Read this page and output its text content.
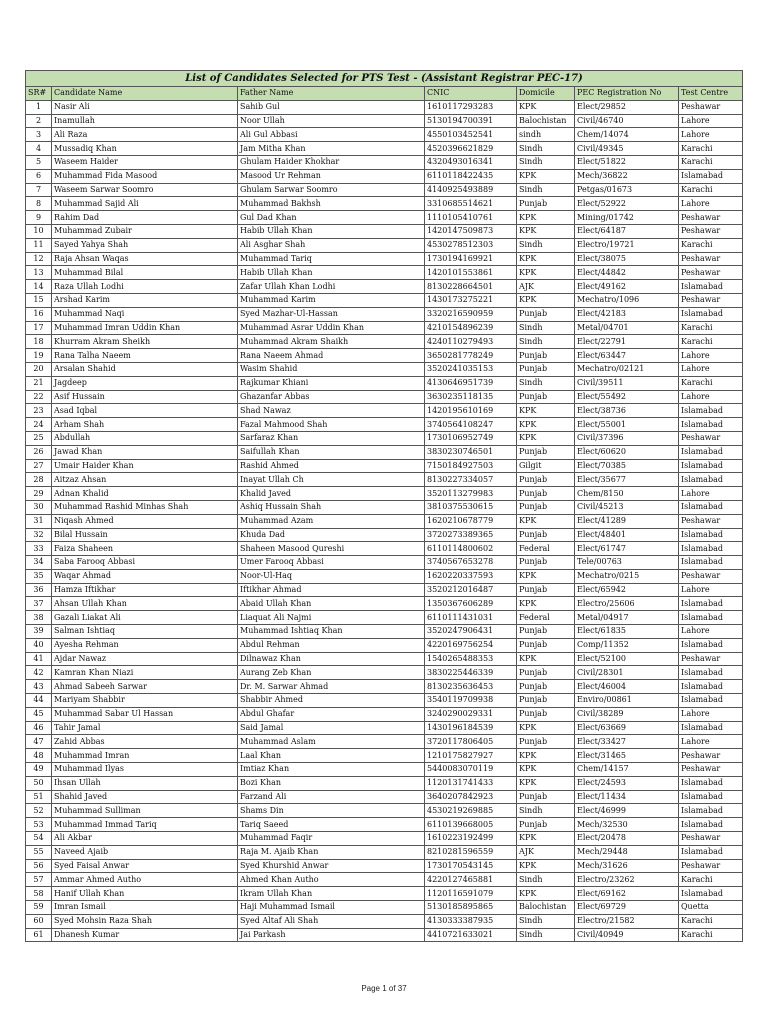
List of Candidates Selected for PTS Test - (Assistant Registrar PEC-17)						
SR#	Candidate Name	Father Name	CNIC	Domicile	PEC Registration No	Test Centre
1	Nasir Ali	Sahib Gul	1610117293283	KPK	Elect/29852	Peshawar
2	Inamullah	Noor Ullah	5130194700391	Balochistan	Civil/46740	Lahore
3	Ali Raza	Ali Gul Abbasi	4550103452541	sindh	Chem/14074	Lahore
4	Mussadiq Khan	Jam Mitha Khan	4520396621829	Sindh	Civil/49345	Karachi
5	Waseem Haider	Ghulam Haider Khokhar	4320493016341	Sindh	Elect/51822	Karachi
6	Muhammad Fida Masood	Masood Ur Rehman	6110118422435	KPK	Mech/36822	Islamabad
7	Waseem Sarwar Soomro	Ghulam Sarwar Soomro	4140925493889	Sindh	Petgas/01673	Karachi
8	Muhammad Sajid Ali	Muhammad Bakhsh	3310685514621	Punjab	Elect/52922	Lahore
9	Rahim Dad	Gul Dad Khan	1110105410761	KPK	Mining/01742	Peshawar
10	Muhammad Zubair	Habib Ullah Khan	1420147509873	KPK	Elect/64187	Peshawar
11	Sayed Yahya Shah	Ali Asghar Shah	4530278512303	Sindh	Electro/19721	Karachi
12	Raja Ahsan Waqas	Muhammad Tariq	1730194169921	KPK	Elect/38075	Peshawar
13	Muhammad Bilal	Habib Ullah Khan	1420101553861	KPK	Elect/44842	Peshawar
14	Raza Ullah Lodhi	Zafar Ullah Khan Lodhi	8130228664501	AJK	Elect/49162	Islamabad
15	Arshad Karim	Muhammad Karim	1430173275221	KPK	Mechatro/1096	Peshawar
16	Muhammad Naqi	Syed Mazhar-Ul-Hassan	3320216590959	Punjab	Elect/42183	Islamabad
17	Muhammad Imran Uddin Khan	Muhammad Asrar Uddin Khan	4210154896239	Sindh	Metal/04701	Karachi
18	Khurram Akram Sheikh	Muhammad Akram Shaikh	4240110279493	Sindh	Elect/22791	Karachi
19	Rana Talha Naeem	Rana Naeem Ahmad	3650281778249	Punjab	Elect/63447	Lahore
20	Arsalan Shahid	Wasim Shahid	3520241035153	Punjab	Mechatro/02121	Lahore
21	Jagdeep	Rajkumar Khiani	4130646951739	Sindh	Civil/39511	Karachi
22	Asif Hussain	Ghazanfar Abbas	3630235118135	Punjab	Elect/55492	Lahore
23	Asad Iqbal	Shad Nawaz	1420195610169	KPK	Elect/38736	Islamabad
24	Arham Shah	Fazal Mahmood Shah	3740564108247	KPK	Elect/55001	Islamabad
25	Abdullah	Sarfaraz Khan	1730106952749	KPK	Civil/37396	Peshawar
26	Jawad Khan	Saifullah Khan	3830230746501	Punjab	Elect/60620	Islamabad
27	Umair Haider Khan	Rashid Ahmed	7150184927503	Gilgit	Elect/70385	Islamabad
28	Aitzaz Ahsan	Inayat Ullah Ch	8130227334057	Punjab	Elect/35677	Islamabad
29	Adnan Khalid	Khalid Javed	3520113279983	Punjab	Chem/8150	Lahore
30	Muhammad Rashid Minhas Shah	Ashiq Hussain Shah	3810375530615	Punjab	Civil/45213	Islamabad
31	Niqash Ahmed	Muhammad Azam	1620210678779	KPK	Elect/41289	Peshawar
32	Bilal Hussain	Khuda Dad	3720273389365	Punjab	Elect/48401	Islamabad
33	Faiza Shaheen	Shaheen Masood Qureshi	6110114800602	Federal	Elect/61747	Islamabad
34	Saba Farooq Abbasi	Umer Farooq Abbasi	3740567653278	Punjab	Tele/00763	Islamabad
35	Waqar Ahmad	Noor-Ul-Haq	1620220337593	KPK	Mechatro/0215	Peshawar
36	Hamza Iftikhar	Iftikhar Ahmad	3520212016487	Punjab	Elect/65942	Lahore
37	Ahsan Ullah Khan	Abaid Ullah Khan	1350367606289	KPK	Electro/25606	Islamabad
38	Gazali Liakat Ali	Liaquat Ali Najmi	6110111431031	Federal	Metal/04917	Islamabad
39	Salman Ishtiaq	Muhammad Ishtiaq Khan	3520247906431	Punjab	Elect/61835	Lahore
40	Ayesha Rehman	Abdul Rehman	4220169756254	Punjab	Comp/11352	Islamabad
41	Ajdar Nawaz	Dilnawaz Khan	1540265488353	KPK	Elect/52100	Peshawar
42	Kamran Khan Niazi	Aurang Zeb Khan	3830225446339	Punjab	Civil/28301	Islamabad
43	Ahmad Sabeeh Sarwar	Dr. M. Sarwar Ahmad	8130235636453	Punjab	Elect/46004	Islamabad
44	Mariyam Shabbir	Shabbir Ahmed	3540119709938	Punjab	Enviro/00861	Islamabad
45	Muhammad Sabar Ul Hassan	Abdul Ghafar	3240290029331	Punjab	Civil/38289	Lahore
46	Tahir Jamal	Said Jamal	1430196184539	KPK	Elect/63669	Islamabad
47	Zahid Abbas	Muhammad Aslam	3720117806405	Punjab	Elect/33427	Lahore
48	Muhammad Imran	Laal Khan	1210175827927	KPK	Elect/31465	Peshawar
49	Muhammad Ilyas	Imtiaz Khan	5440083070119	KPK	Chem/14157	Peshawar
50	Ihsan Ullah	Bozi Khan	1120131741433	KPK	Elect/24593	Islamabad
51	Shahid Javed	Farzand Ali	3640207842923	Punjab	Elect/11434	Islamabad
52	Muhammad Sulliman	Shams Din	4530219269885	Sindh	Elect/46999	Islamabad
53	Muhammad Immad Tariq	Tariq Saeed	6110139668005	Punjab	Mech/32530	Islamabad
54	Ali Akbar	Muhammad Faqir	1610223192499	KPK	Elect/20478	Peshawar
55	Naveed Ajaib	Raja M. Ajaib Khan	8210281596559	AJK	Mech/29448	Islamabad
56	Syed Faisal Anwar	Syed Khurshid Anwar	1730170543145	KPK	Mech/31626	Peshawar
57	Ammar Ahmed Autho	Ahmed Khan Autho	4220127465881	Sindh	Electro/23262	Karachi
58	Hanif Ullah Khan	Ikram Ullah Khan	1120116591079	KPK	Elect/69162	Islamabad
59	Imran Ismail	Haji Muhammad Ismail	5130185895865	Balochistan	Elect/69729	Quetta
60	Syed Mohsin Raza Shah	Syed Altaf Ali Shah	4130333387935	Sindh	Electro/21582	Karachi
61	Dhanesh Kumar	Jai Parkash	4410721633021	Sindh	Civil/40949	Karachi
Page 1 of 37
